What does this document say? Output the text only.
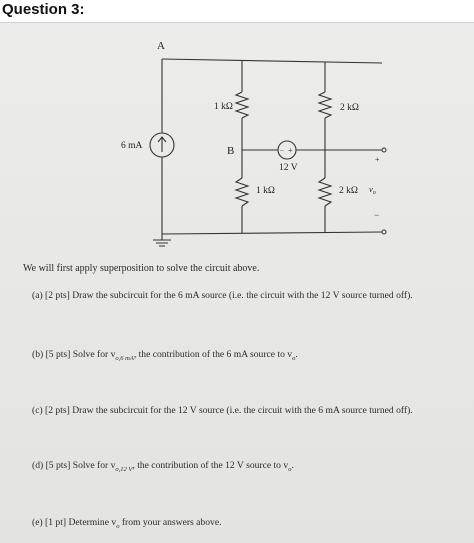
Question 3:
− +
A
B
6 mA
1 kΩ	2 kΩ
1 kΩ	2 kΩ
12 V
+
−
$v_o$
We will first apply superposition to solve the circuit above.
(a) [2 pts] Draw the subcircuit for the 6 mA source (i.e. the circuit with the 12 V source turned off).
(b) [5 pts] Solve for $v_{o,6 mA}$, the contribution of the 6 mA source to $v_o$.
(c) [2 pts] Draw the subcircuit for the 12 V source (i.e. the circuit with the 6 mA source turned off).
(d) [5 pts] Solve for $v_{o,12 V}$, the contribution of the 12 V source to $v_o$.
(e) [1 pt] Determine $v_o$ from your answers above.
